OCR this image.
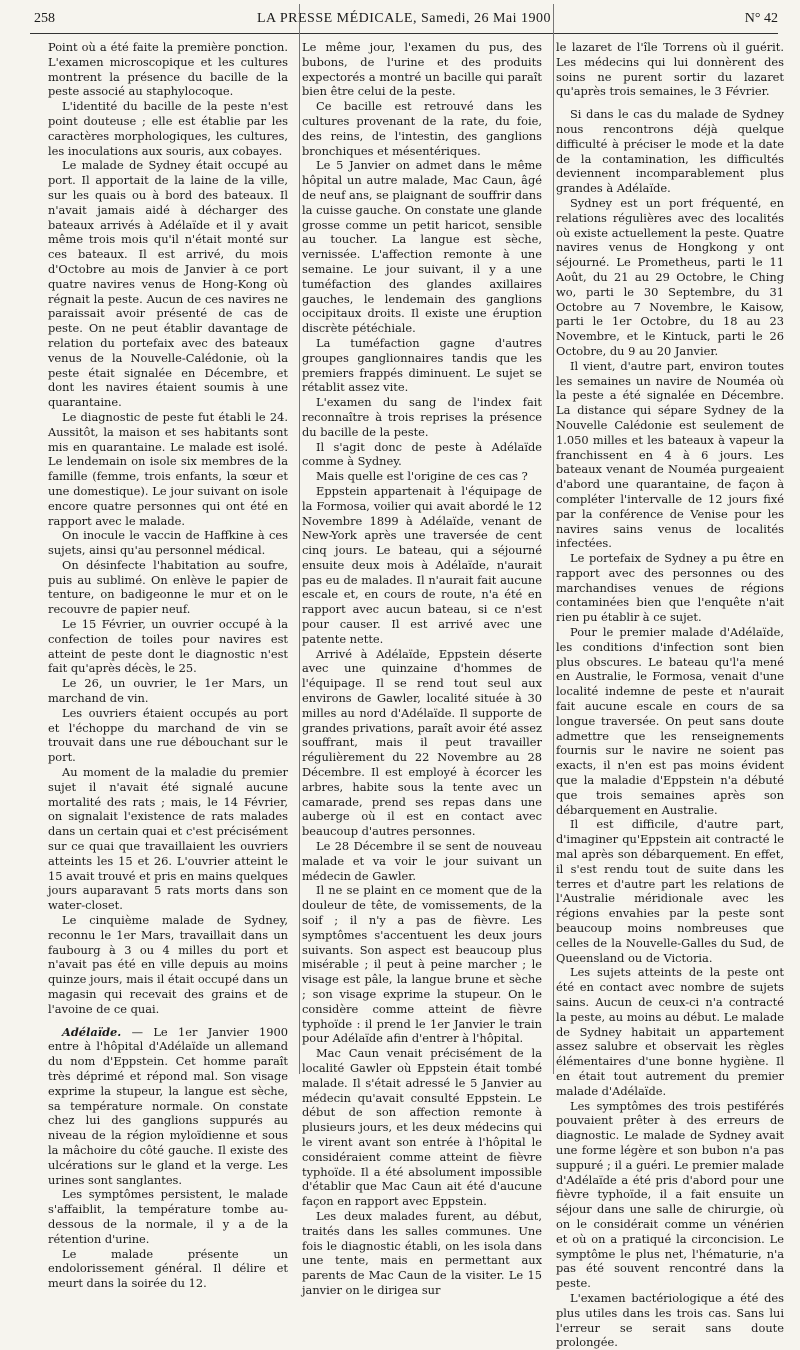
258	LA PRESSE MÉDICALE, Samedi, 26 Mai 1900	N° 42

Point où a été faite la première ponction. L'examen microscopique et les cultures montrent la présence du bacille de la peste associé au staphylocoque.

L'identité du bacille de la peste n'est point douteuse ; elle est établie par les caractères morphologiques, les cultures, les inoculations aux souris, aux cobayes.

Le malade de Sydney était occupé au port. Il apportait de la laine de la ville, sur les quais ou à bord des bateaux. Il n'avait jamais aidé à décharger des bateaux arrivés à Adélaïde et il y avait même trois mois qu'il n'était monté sur ces bateaux. Il est arrivé, du mois d'Octobre au mois de Janvier à ce port quatre navires venus de Hong-Kong où régnait la peste. Aucun de ces navires ne paraissait avoir présenté de cas de peste. On ne peut établir davantage de relation du portefaix avec des bateaux venus de la Nouvelle-Calédonie, où la peste était signalée en Décembre, et dont les navires étaient soumis à une quarantaine.

Le diagnostic de peste fut établi le 24. Aussitôt, la maison et ses habitants sont mis en quarantaine. Le malade est isolé. Le lendemain on isole six membres de la famille (femme, trois enfants, la sœur et une domestique). Le jour suivant on isole encore quatre personnes qui ont été en rapport avec le malade.

On inocule le vaccin de Haffkine à ces sujets, ainsi qu'au personnel médical.

On désinfecte l'habitation au soufre, puis au sublimé. On enlève le papier de tenture, on badigeonne le mur et on le recouvre de papier neuf.

Le 15 Février, un ouvrier occupé à la confection de toiles pour navires est atteint de peste dont le diagnostic n'est fait qu'après décès, le 25.

Le 26, un ouvrier, le 1er Mars, un marchand de vin.

Les ouvriers étaient occupés au port et l'échoppe du marchand de vin se trouvait dans une rue débouchant sur le port.

Au moment de la maladie du premier sujet il n'avait été signalé aucune mortalité des rats ; mais, le 14 Février, on signalait l'existence de rats malades dans un certain quai et c'est précisément sur ce quai que travaillaient les ouvriers atteints les 15 et 26. L'ouvrier atteint le 15 avait trouvé et pris en mains quelques jours auparavant 5 rats morts dans son water-closet.

Le cinquième malade de Sydney, reconnu le 1er Mars, travaillait dans un faubourg à 3 ou 4 milles du port et n'avait pas été en ville depuis au moins quinze jours, mais il était occupé dans un magasin qui recevait des grains et de l'avoine de ce quai.

Adélaïde. — Le 1er Janvier 1900 entre à l'hôpital d'Adélaïde un allemand du nom d'Eppstein. Cet homme paraît très déprimé et répond mal. Son visage exprime la stupeur, la langue est sèche, sa température normale. On constate chez lui des ganglions suppurés au niveau de la région myloïdienne et sous la mâchoire du côté gauche. Il existe des ulcérations sur le gland et la verge. Les urines sont sanglantes.

Les symptômes persistent, le malade s'affaiblit, la température tombe au-dessous de la normale, il y a de la rétention d'urine.

Le malade présente un endolorissement général. Il délire et meurt dans la soirée du 12.

Le même jour, l'examen du pus, des bubons, de l'urine et des produits expectorés a montré un bacille qui paraît bien être celui de la peste.

Ce bacille est retrouvé dans les cultures provenant de la rate, du foie, des reins, de l'intestin, des ganglions bronchiques et mésentériques.

Le 5 Janvier on admet dans le même hôpital un autre malade, Mac Caun, âgé de neuf ans, se plaignant de souffrir dans la cuisse gauche. On constate une glande grosse comme un petit haricot, sensible au toucher. La langue est sèche, vernissée. L'affection remonte à une semaine. Le jour suivant, il y a une tuméfaction des glandes axillaires gauches, le lendemain des ganglions occipitaux droits. Il existe une éruption discrète pétéchiale.

La tuméfaction gagne d'autres groupes ganglionnaires tandis que les premiers frappés diminuent. Le sujet se rétablit assez vite.

L'examen du sang de l'index fait reconnaître à trois reprises la présence du bacille de la peste.

Il s'agit donc de peste à Adélaïde comme à Sydney.

Mais quelle est l'origine de ces cas ?

Eppstein appartenait à l'équipage de la Formosa, voilier qui avait abordé le 12 Novembre 1899 à Adélaïde, venant de New-York après une traversée de cent cinq jours. Le bateau, qui a séjourné ensuite deux mois à Adélaïde, n'aurait pas eu de malades. Il n'aurait fait aucune escale et, en cours de route, n'a été en rapport avec aucun bateau, si ce n'est pour causer. Il est arrivé avec une patente nette.

Arrivé à Adélaïde, Eppstein déserte avec une quinzaine d'hommes de l'équipage. Il se rend tout seul aux environs de Gawler, localité située à 30 milles au nord d'Adélaïde. Il supporte de grandes privations, paraît avoir été assez souffrant, mais il peut travailler régulièrement du 22 Novembre au 28 Décembre. Il est employé à écorcer les arbres, habite sous la tente avec un camarade, prend ses repas dans une auberge où il est en contact avec beaucoup d'autres personnes.

Le 28 Décembre il se sent de nouveau malade et va voir le jour suivant un médecin de Gawler.

Il ne se plaint en ce moment que de la douleur de tête, de vomissements, de la soif ; il n'y a pas de fièvre. Les symptômes s'accentuent les deux jours suivants. Son aspect est beaucoup plus misérable ; il peut à peine marcher ; le visage est pâle, la langue brune et sèche ; son visage exprime la stupeur. On le considère comme atteint de fièvre typhoïde : il prend le 1er Janvier le train pour Adélaïde afin d'entrer à l'hôpital.

Mac Caun venait précisément de la localité Gawler où Eppstein était tombé malade. Il s'était adressé le 5 Janvier au médecin qu'avait consulté Eppstein. Le début de son affection remonte à plusieurs jours, et les deux médecins qui le virent avant son entrée à l'hôpital le considéraient comme atteint de fièvre typhoïde. Il a été absolument impossible d'établir que Mac Caun ait été d'aucune façon en rapport avec Eppstein.

Les deux malades furent, au début, traités dans les salles communes. Une fois le diagnostic établi, on les isola dans une tente, mais en permettant aux parents de Mac Caun de la visiter. Le 15 janvier on le dirigea sur

le lazaret de l'île Torrens où il guérit. Les médecins qui lui donnèrent des soins ne purent sortir du lazaret qu'après trois semaines, le 3 Février.

Si dans le cas du malade de Sydney nous rencontrons déjà quelque difficulté à préciser le mode et la date de la contamination, les difficultés deviennent incomparablement plus grandes à Adélaïde.

Sydney est un port fréquenté, en relations régulières avec des localités où existe actuellement la peste. Quatre navires venus de Hongkong y ont séjourné. Le Prometheus, parti le 11 Août, du 21 au 29 Octobre, le Ching wo, parti le 30 Septembre, du 31 Octobre au 7 Novembre, le Kaisow, parti le 1er Octobre, du 18 au 23 Novembre, et le Kintuck, parti le 26 Octobre, du 9 au 20 Janvier.

Il vient, d'autre part, environ toutes les semaines un navire de Nouméa où la peste a été signalée en Décembre. La distance qui sépare Sydney de la Nouvelle Calédonie est seulement de 1.050 milles et les bateaux à vapeur la franchissent en 4 à 6 jours. Les bateaux venant de Nouméa purgeaient d'abord une quarantaine, de façon à compléter l'intervalle de 12 jours fixé par la conférence de Venise pour les navires sains venus de localités infectées.

Le portefaix de Sydney a pu être en rapport avec des personnes ou des marchandises venues de régions contaminées bien que l'enquête n'ait rien pu établir à ce sujet.

Pour le premier malade d'Adélaïde, les conditions d'infection sont bien plus obscures. Le bateau qu'l'a mené en Australie, le Formosa, venait d'une localité indemne de peste et n'aurait fait aucune escale en cours de sa longue traversée. On peut sans doute admettre que les renseignements fournis sur le navire ne soient pas exacts, il n'en est pas moins évident que la maladie d'Eppstein n'a débuté que trois semaines après son débarquement en Australie.

Il est difficile, d'autre part, d'imaginer qu'Eppstein ait contracté le mal après son débarquement. En effet, il s'est rendu tout de suite dans les terres et d'autre part les relations de l'Australie méridionale avec les régions envahies par la peste sont beaucoup moins nombreuses que celles de la Nouvelle-Galles du Sud, de Queensland ou de Victoria.

Les sujets atteints de la peste ont été en contact avec nombre de sujets sains. Aucun de ceux-ci n'a contracté la peste, au moins au début. Le malade de Sydney habitait un appartement assez salubre et observait les règles élémentaires d'une bonne hygiène. Il en était tout autrement du premier malade d'Adélaïde.

Les symptômes des trois pestiférés pouvaient prêter à des erreurs de diagnostic. Le malade de Sydney avait une forme légère et son bubon n'a pas suppuré ; il a guéri. Le premier malade d'Adélaïde a été pris d'abord pour une fièvre typhoïde, il a fait ensuite un séjour dans une salle de chirurgie, où on le considérait comme un vénérien et où on a pratiqué la circoncision. Le symptôme le plus net, l'hématurie, n'a pas été souvent rencontré dans la peste.

L'examen bactériologique a été des plus utiles dans les trois cas. Sans lui l'erreur se serait sans doute prolongée.
